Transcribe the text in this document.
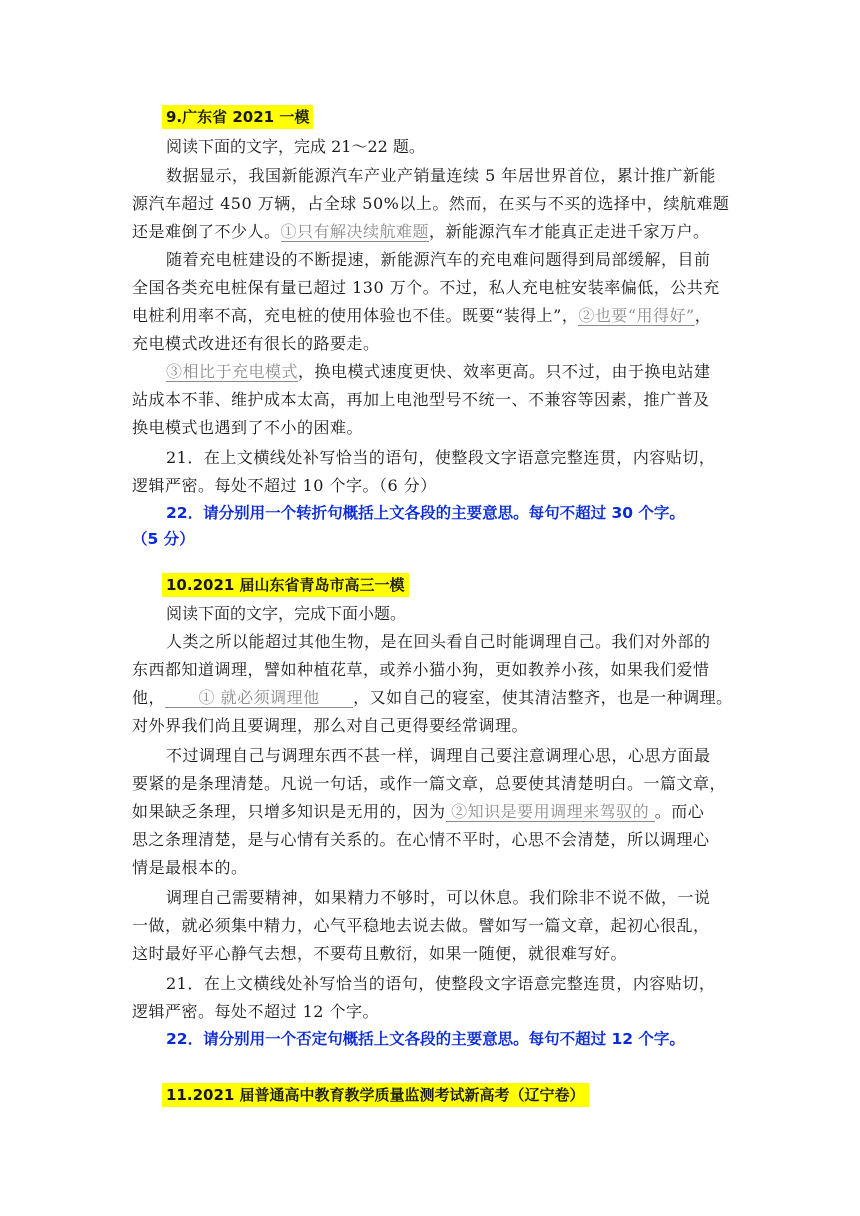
9.广东省 2021 一模
阅读下面的文字，完成 21～22 题。
数据显示，我国新能源汽车产业产销量连续 5 年居世界首位，累计推广新能
源汽车超过 450 万辆，占全球 50%以上。然而，在买与不买的选择中，续航难题
还是难倒了不少人。①只有解决续航难题，新能源汽车才能真正走进千家万户。
随着充电桩建设的不断提速，新能源汽车的充电难问题得到局部缓解，目前
全国各类充电桩保有量已超过 130 万个。不过，私人充电桩安装率偏低，公共充
电桩利用率不高，充电桩的使用体验也不佳。既要“装得上”，②也要“用得好”，
充电模式改进还有很长的路要走。
③相比于充电模式，换电模式速度更快、效率更高。只不过，由于换电站建
站成本不菲、维护成本太高，再加上电池型号不统一、不兼容等因素，推广普及
换电模式也遇到了不小的困难。
21．在上文横线处补写恰当的语句，使整段文字语意完整连贯，内容贴切，
逻辑严密。每处不超过 10 个字。（6 分）
22．请分别用一个转折句概括上文各段的主要意思。每句不超过 30 个字。
（5 分）
10.2021 届山东省青岛市高三一模
阅读下面的文字，完成下面小题。
人类之所以能超过其他生物，是在回头看自己时能调理自己。我们对外部的
东西都知道调理，譬如种植花草，或养小猫小狗，更如教养小孩，如果我们爱惜
他，      ① 就必须调理他      ，又如自己的寝室，使其清洁整齐，也是一种调理。
对外界我们尚且要调理，那么对自己更得要经常调理。
不过调理自己与调理东西不甚一样，调理自己要注意调理心思，心思方面最
要紧的是条理清楚。凡说一句话，或作一篇文章，总要使其清楚明白。一篇文章，
如果缺乏条理，只增多知识是无用的，因为 ②知识是要用调理来驾驭的 。而心
思之条理清楚，是与心情有关系的。在心情不平时，心思不会清楚，所以调理心
情是最根本的。
调理自己需要精神，如果精力不够时，可以休息。我们除非不说不做，一说
一做，就必须集中精力，心气平稳地去说去做。譬如写一篇文章，起初心很乱，
这时最好平心静气去想，不要苟且敷衍，如果一随便，就很难写好。
21．在上文横线处补写恰当的语句，使整段文字语意完整连贯，内容贴切，
逻辑严密。每处不超过 12 个字。
22．请分别用一个否定句概括上文各段的主要意思。每句不超过 12 个字。
11.2021 届普通高中教育教学质量监测考试新高考（辽宁卷）
